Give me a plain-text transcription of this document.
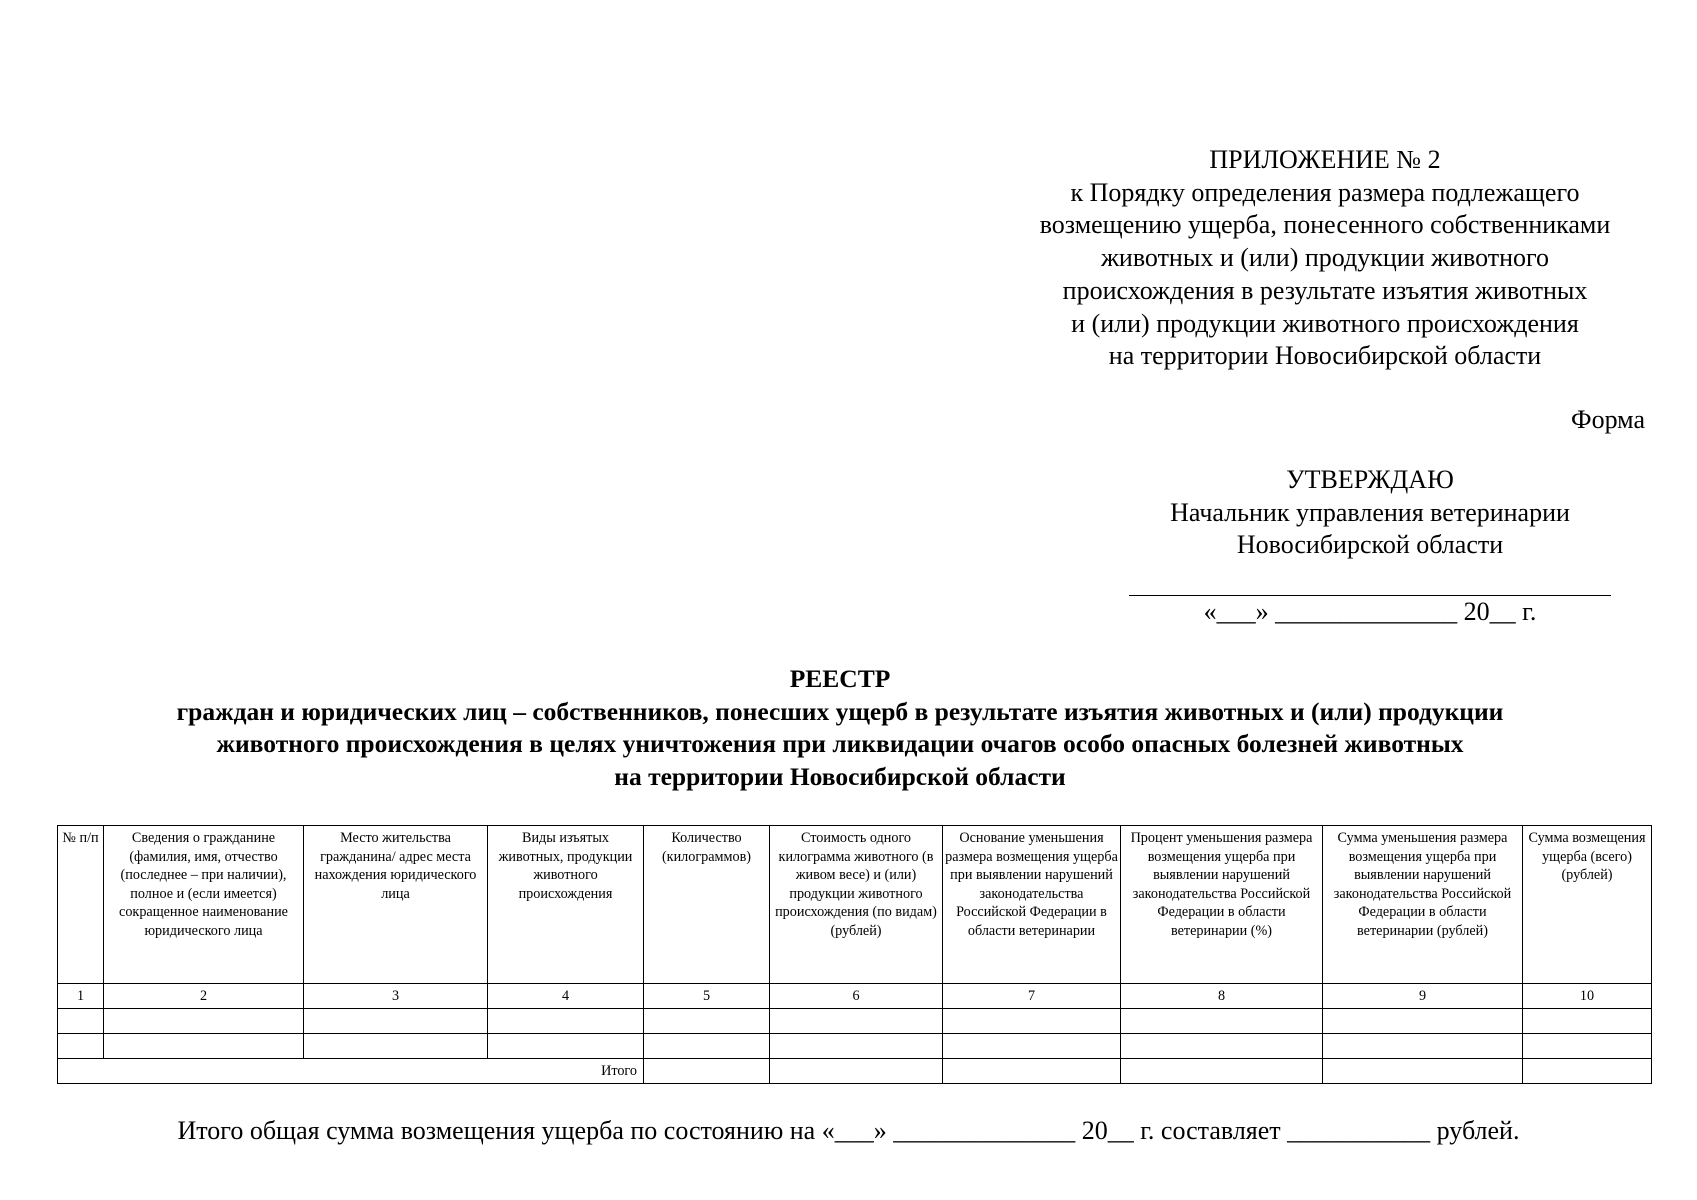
ПРИЛОЖЕНИЕ № 2
к Порядку определения размера подлежащего
возмещению ущерба, понесенного собственниками
животных и (или) продукции животного
происхождения в результате изъятия животных
и (или) продукции животного происхождения
на территории Новосибирской области
Форма
УТВЕРЖДАЮ
Начальник управления ветеринарии
Новосибирской области
«___» ______________ 20__ г.
РЕЕСТР
граждан и юридических лиц – собственников, понесших ущерб в результате изъятия животных и (или) продукции
животного происхождения в целях уничтожения при ликвидации очагов особо опасных болезней животных
на территории Новосибирской области
№ п/п	Сведения о гражданине (фамилия, имя, отчество (последнее – при наличии), полное и (если имеется) сокращенное наименование юридического лица	Место жительства гражданина/ адрес места нахождения юридического лица	Виды изъятых животных, продукции животного происхождения	Количество (килограммов)	Стоимость одного килограмма животного (в живом весе) и (или) продукции животного происхождения (по видам) (рублей)	Основание уменьшения размера возмещения ущерба при выявлении нарушений законодательства Российской Федерации в области ветеринарии	Процент уменьшения размера возмещения ущерба при выявлении нарушений законодательства Российской Федерации в области ветеринарии (%)	Сумма уменьшения размера возмещения ущерба при выявлении нарушений законодательства Российской Федерации в области ветеринарии (рублей)	Сумма возмещения ущерба (всего) (рублей)
1	2	3	4	5	6	7	8	9	10

Итого									
Итого общая сумма возмещения ущерба по состоянию на «___» ______________ 20__ г. составляет ___________ рублей.
